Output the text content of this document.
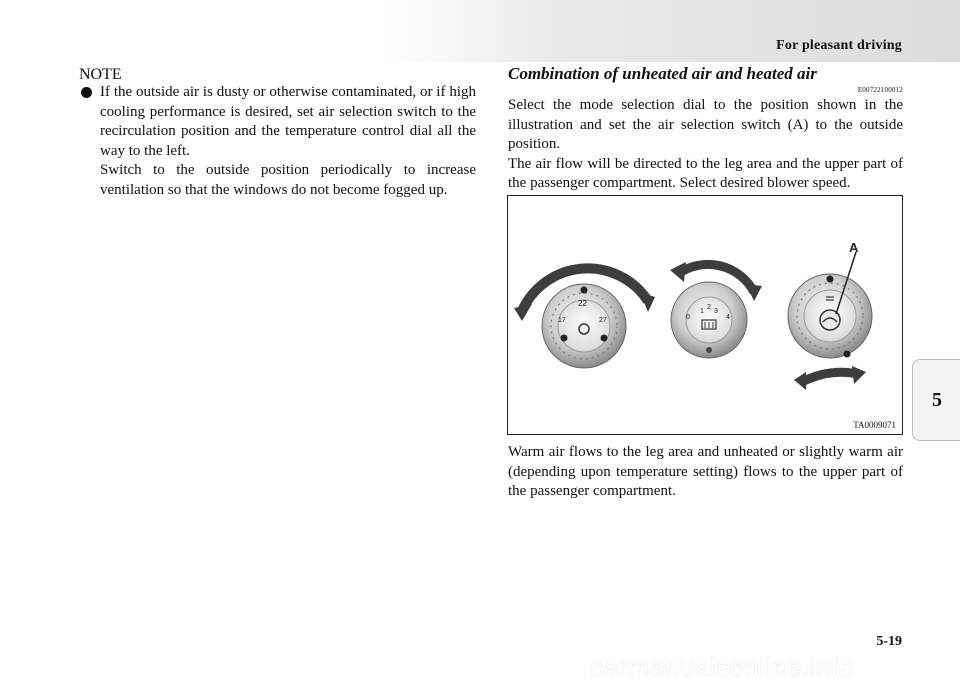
For pleasant driving
5
NOTE

If the outside air is dusty or otherwise contaminated, or if high cooling performance is desired, set air selection switch to the recirculation position and the temperature control dial all the way to the left.

Switch to the outside position periodically to increase ventilation so that the windows do not become fogged up.

Combination of unheated air and heated air
E00722100012

Select the mode selection dial to the position shown in the illustration and set the air selection switch (A) to the outside position.

The air flow will be directed to the leg area and the upper part of the passenger compartment. Select desired blower speed.

22
17	27
1
2
3
0	4
A
TA0009071

Warm air flows to the leg area and unheated or slightly warm air (depending upon temperature setting) flows to the upper part of the passenger compartment.

5-19
carmanualsonline.info
